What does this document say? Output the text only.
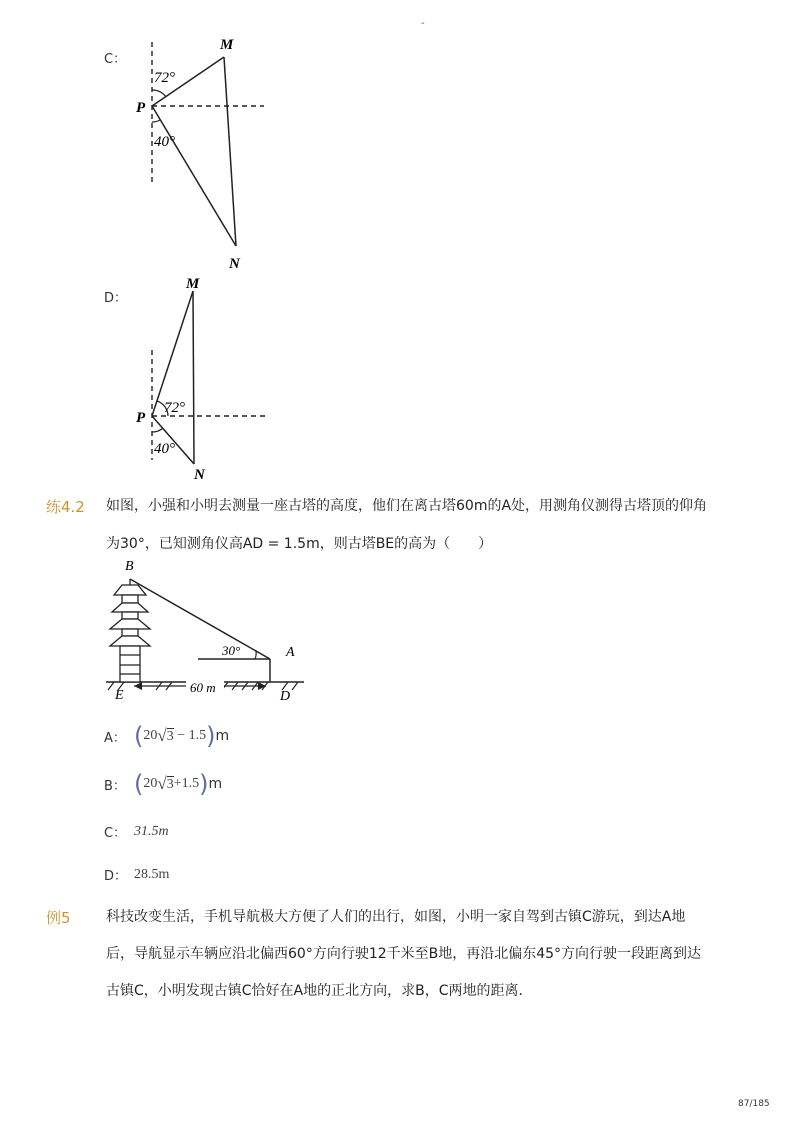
-
C：
72°
40°
P
M
N
D：
72°
40°
P
M
N
练4.2 如图，小强和小明去测量一座古塔的高度，他们在离古塔60m的A处，用测角仪测得古塔顶的仰角
为30°，已知测角仪高AD = 1.5m，则古塔BE的高为（　　）
60 m
30°
B
A
E	D
A： ( 20 √ 3 − 1.5 ) m
B： ( 20 √ 3 +1.5 ) m
C： 31.5m
D： 28.5m
例5	科技改变生活，手机导航极大方便了人们的出行，如图，小明一家自驾到古镇C游玩，到达A地
后，导航显示车辆应沿北偏西60°方向行驶12千米至B地，再沿北偏东45°方向行驶一段距离到达
古镇C，小明发现古镇C恰好在A地的正北方向，求B，C两地的距离．
87/185
